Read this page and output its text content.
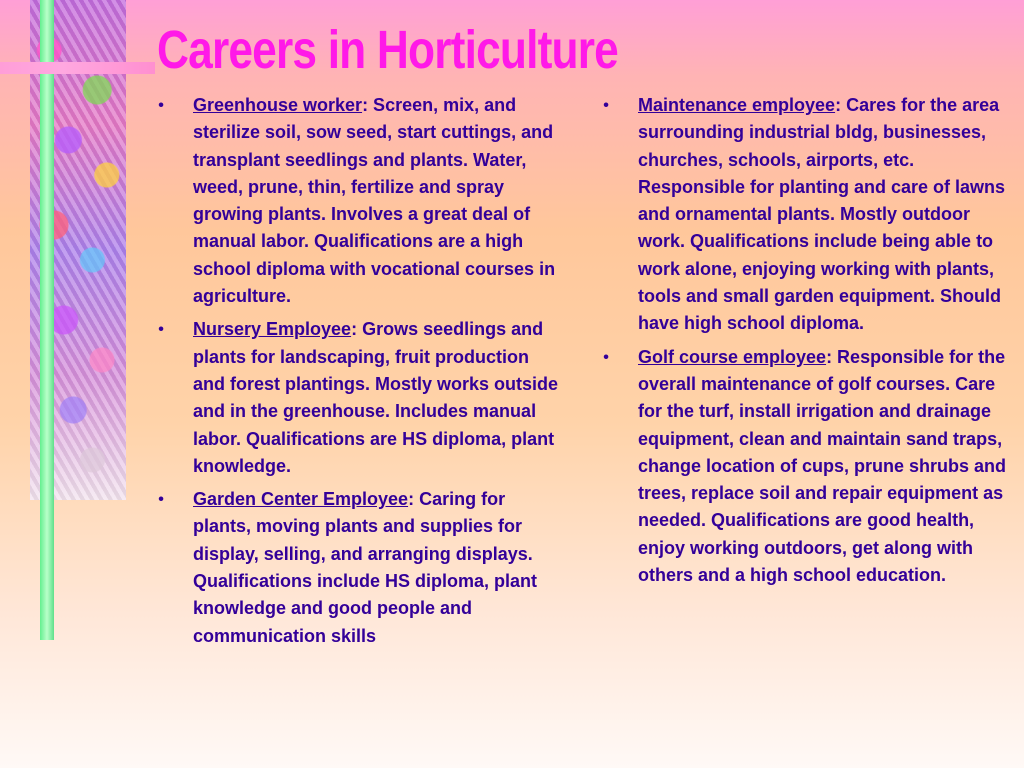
Careers in Horticulture
• Greenhouse worker: Screen, mix, and sterilize soil, sow seed, start cuttings, and transplant seedlings and plants. Water, weed, prune, thin, fertilize and spray growing plants. Involves a great deal of manual labor. Qualifications are a high school diploma with vocational courses in agriculture.
• Nursery Employee: Grows seedlings and plants for landscaping, fruit production and forest plantings. Mostly works outside and in the greenhouse. Includes manual labor. Qualifications are HS diploma, plant knowledge.
• Garden Center Employee: Caring for plants, moving plants and supplies for display, selling, and arranging displays. Qualifications include HS diploma, plant knowledge and good people and communication skills
• Maintenance employee: Cares for the area surrounding industrial bldg, businesses, churches, schools, airports, etc. Responsible for planting and care of lawns and ornamental plants. Mostly outdoor work. Qualifications include being able to work alone, enjoying working with plants, tools and small garden equipment. Should have high school diploma.
• Golf course employee: Responsible for the overall maintenance of golf courses. Care for the turf, install irrigation and drainage equipment, clean and maintain sand traps, change location of cups, prune shrubs and trees, replace soil and repair equipment as needed. Qualifications are good health, enjoy working outdoors, get along with others and a high school education.
